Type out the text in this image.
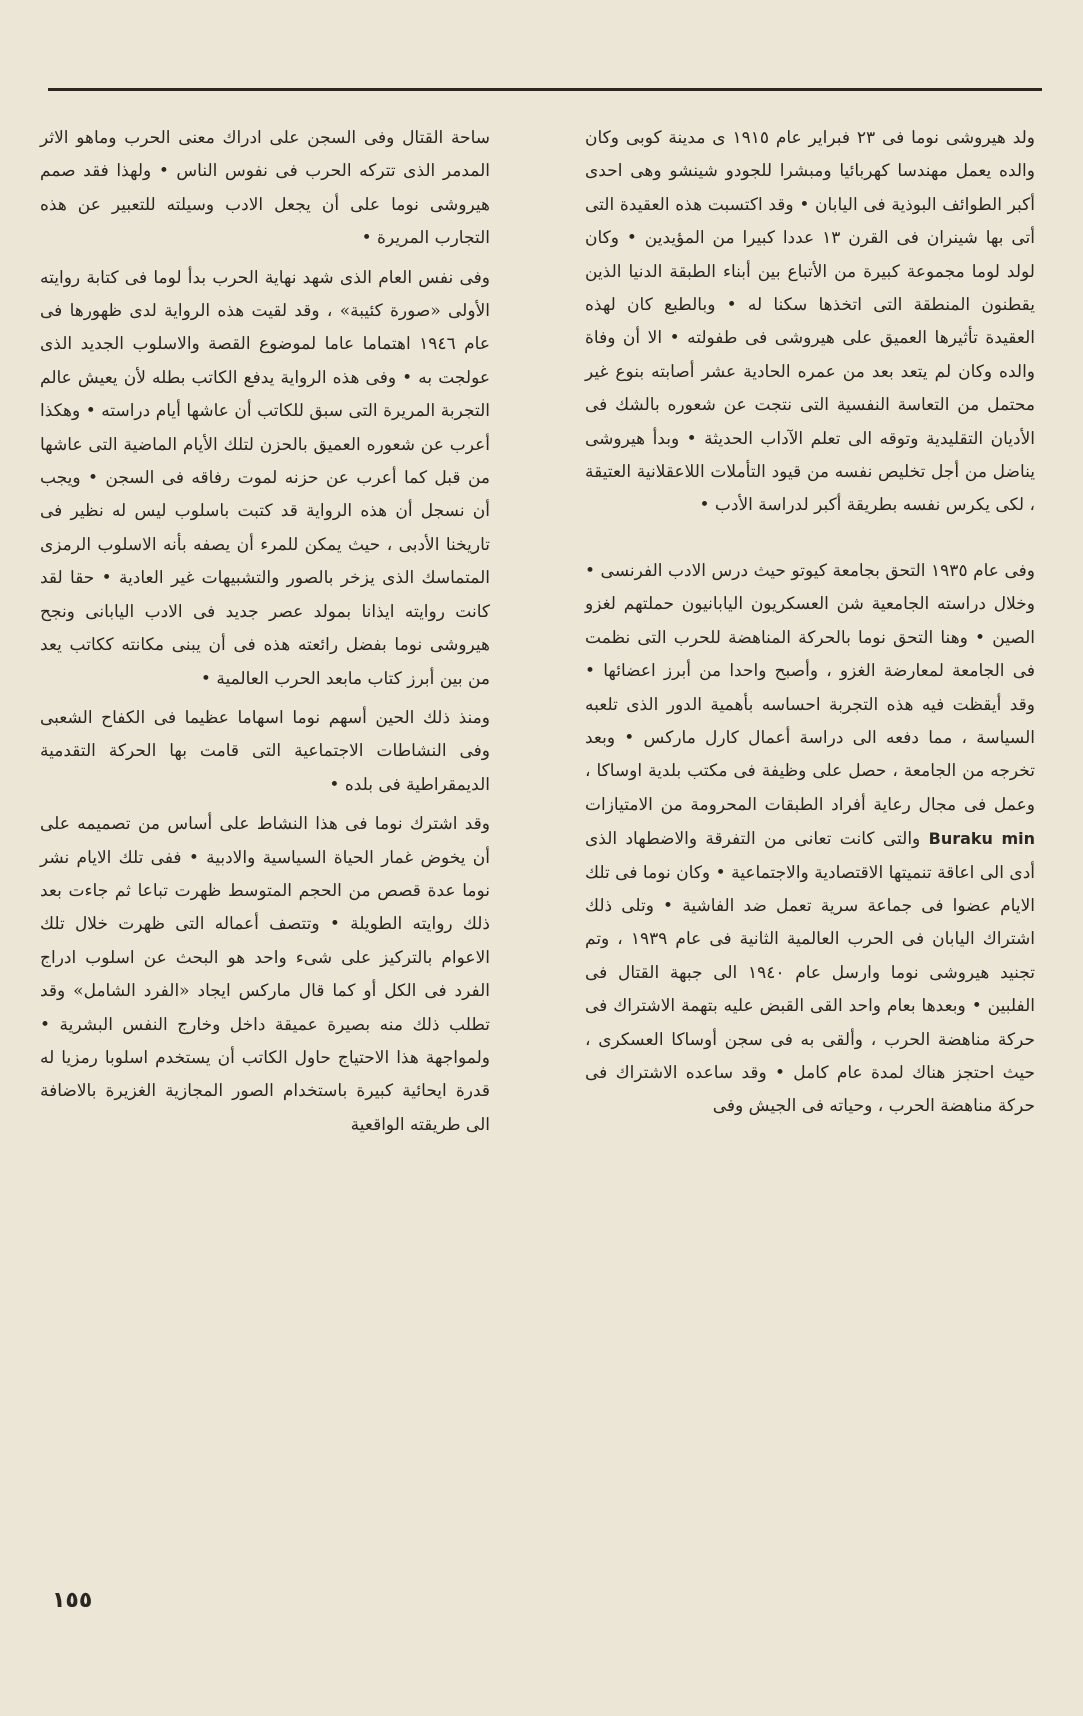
ولد هيروشى نوما فى ٢٣ فبراير عام ١٩١٥ ى مدينة كوبى وكان والده يعمل مهندسا كهربائيا ومبشرا للجودو شينشو وهى احدى أكبر الطوائف البوذية فى اليابان • وقد اكتسبت هذه العقيدة التى أتى بها شينران فى القرن ١٣ عددا كبيرا من المؤيدين • وكان لولد لوما مجموعة كبيرة من الأتباع بين أبناء الطبقة الدنيا الذين يقطنون المنطقة التى اتخذها سكنا له • وبالطبع كان لهذه العقيدة تأثيرها العميق على هيروشى فى طفولته • الا أن وفاة والده وكان لم يتعد بعد من عمره الحادية عشر أصابته بنوع غير محتمل من التعاسة النفسية التى نتجت عن شعوره بالشك فى الأديان التقليدية وتوقه الى تعلم الآداب الحديثة • وبدأ هيروشى يناضل من أجل تخليص نفسه من قيود التأملات اللاعقلانية العتيقة ، لكى يكرس نفسه بطريقة أكبر لدراسة الأدب •

وفى عام ١٩٣٥ التحق بجامعة كيوتو حيث درس الادب الفرنسى • وخلال دراسته الجامعية شن العسكريون اليابانيون حملتهم لغزو الصين • وهنا التحق نوما بالحركة المناهضة للحرب التى نظمت فى الجامعة لمعارضة الغزو ، وأصبح واحدا من أبرز اعضائها • وقد أيقظت فيه هذه التجربة احساسه بأهمية الدور الذى تلعبه السياسة ، مما دفعه الى دراسة أعمال كارل ماركس • وبعد تخرجه من الجامعة ، حصل على وظيفة فى مكتب بلدية اوساكا ، وعمل فى مجال رعاية أفراد الطبقات المحرومة من الامتيازات Buraku min والتى كانت تعانى من التفرقة والاضطهاد الذى أدى الى اعاقة تنميتها الاقتصادية والاجتماعية • وكان نوما فى تلك الايام عضوا فى جماعة سرية تعمل ضد الفاشية • وتلى ذلك اشتراك اليابان فى الحرب العالمية الثانية فى عام ١٩٣٩ ، وتم تجنيد هيروشى نوما وارسل عام ١٩٤٠ الى جبهة القتال فى الفلبين • وبعدها بعام واحد القى القبض عليه بتهمة الاشتراك فى حركة مناهضة الحرب ، وألقى به فى سجن أوساكا العسكرى ، حيث احتجز هناك لمدة عام كامل • وقد ساعده الاشتراك فى حركة مناهضة الحرب ، وحياته فى الجيش وفى

ساحة القتال وفى السجن على ادراك معنى الحرب وماهو الاثر المدمر الذى تتركه الحرب فى نفوس الناس • ولهذا فقد صمم هيروشى نوما على أن يجعل الادب وسيلته للتعبير عن هذه التجارب المريرة •

وفى نفس العام الذى شهد نهاية الحرب بدأ لوما فى كتابة روايته الأولى «صورة كئيبة» ، وقد لقيت هذه الرواية لدى ظهورها فى عام ١٩٤٦ اهتماما عاما لموضوع القصة والاسلوب الجديد الذى عولجت به • وفى هذه الرواية يدفع الكاتب بطله لأن يعيش عالم التجربة المريرة التى سبق للكاتب أن عاشها أيام دراسته • وهكذا أعرب عن شعوره العميق بالحزن لتلك الأيام الماضية التى عاشها من قبل كما أعرب عن حزنه لموت رفاقه فى السجن • ويجب أن نسجل أن هذه الرواية قد كتبت باسلوب ليس له نظير فى تاريخنا الأدبى ، حيث يمكن للمرء أن يصفه بأنه الاسلوب الرمزى المتماسك الذى يزخر بالصور والتشبيهات غير العادية • حقا لقد كانت روايته ايذانا بمولد عصر جديد فى الادب اليابانى ونجح هيروشى نوما بفضل رائعته هذه فى أن يبنى مكانته ككاتب يعد من بين أبرز كتاب مابعد الحرب العالمية •

ومنذ ذلك الحين أسهم نوما اسهاما عظيما فى الكفاح الشعبى وفى النشاطات الاجتماعية التى قامت بها الحركة التقدمية الديمقراطية فى بلده •

وقد اشترك نوما فى هذا النشاط على أساس من تصميمه على أن يخوض غمار الحياة السياسية والادبية • ففى تلك الايام نشر نوما عدة قصص من الحجم المتوسط ظهرت تباعا ثم جاءت بعد ذلك روايته الطويلة • وتتصف أعماله التى ظهرت خلال تلك الاعوام بالتركيز على شىء واحد هو البحث عن اسلوب ادراج الفرد فى الكل أو كما قال ماركس ايجاد «الفرد الشامل» وقد تطلب ذلك منه بصيرة عميقة داخل وخارج النفس البشرية • ولمواجهة هذا الاحتياج حاول الكاتب أن يستخدم اسلوبا رمزيا له قدرة ايحائية كبيرة باستخدام الصور المجازية الغزيرة بالاضافة الى طريقته الواقعية

١٥٥
